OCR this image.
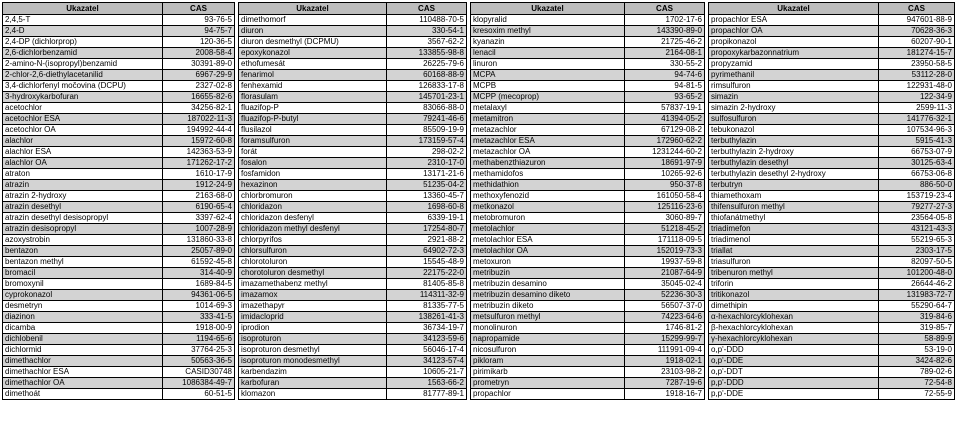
Ukazatel	CAS		Ukazatel	CAS		Ukazatel	CAS		Ukazatel	CAS
2,4,5-T	93-76-5		dimethomorf	110488-70-5		klopyralid	1702-17-6		propachlor ESA	947601-88-9
2,4-D	94-75-7		diuron	330-54-1		kresoxim methyl	143390-89-0		propachlor OA	70628-36-3
2,4-DP (dichlorprop)	120-36-5		diuron desmethyl (DCPMU)	3567-62-2		kyanazin	21725-46-2		propikonazol	60207-90-1
2,6-dichlorbenzamid	2008-58-4		epoxykonazol	133855-98-8		lenacil	2164-08-1		propoxykarbazonnatrium	181274-15-7
2-amino-N-(isopropyl)benzamid	30391-89-0		ethofumesát	26225-79-6		linuron	330-55-2		propyzamid	23950-58-5
2-chlor-2,6-diethylacetanilid	6967-29-9		fenarimol	60168-88-9		MCPA	94-74-6		pyrimethanil	53112-28-0
3,4-dichlorfenyl močovina (DCPU)	2327-02-8		fenhexamid	126833-17-8		MCPB	94-81-5		rimsulfuron	122931-48-0
3-hydroxykarbofuran	16655-82-6		florasulam	145701-23-1		MCPP (mecoprop)	93-65-2		simazin	122-34-9
acetochlor	34256-82-1		fluazifop-P	83066-88-0		metalaxyl	57837-19-1		simazin 2-hydroxy	2599-11-3
acetochlor ESA	187022-11-3		fluazifop-P-butyl	79241-46-6		metamitron	41394-05-2		sulfosulfuron	141776-32-1
acetochlor OA	194992-44-4		flusilazol	85509-19-9		metazachlor	67129-08-2		tebukonazol	107534-96-3
alachlor	15972-60-8		foramsulfuron	173159-57-4		metazachlor ESA	172960-62-2		terbuthylazin	5915-41-3
alachlor ESA	142363-53-9		forát	298-02-2		metazachlor OA	1231244-60-2		terbuthylazin 2-hydroxy	66753-07-9
alachlor OA	171262-17-2		fosalon	2310-17-0		methabenzthiazuron	18691-97-9		terbuthylazin desethyl	30125-63-4
atraton	1610-17-9		fosfamidon	13171-21-6		methamidofos	10265-92-6		terbuthylazin desethyl 2-hydroxy	66753-06-8
atrazin	1912-24-9		hexazinon	51235-04-2		methidathion	950-37-8		terbutryn	886-50-0
atrazin 2-hydroxy	2163-68-0		chlorbromuron	13360-45-7		methoxyfenozid	161050-58-4		thiamethoxam	153719-23-4
atrazin desethyl	6190-65-4		chloridazon	1698-60-8		metkonazol	125116-23-6		thifensulfuron methyl	79277-27-3
atrazin desethyl desisopropyl	3397-62-4		chloridazon desfenyl	6339-19-1		metobromuron	3060-89-7		thiofanátmethyl	23564-05-8
atrazin desisopropyl	1007-28-9		chloridazon methyl desfenyl	17254-80-7		metolachlor	51218-45-2		triadimefon	43121-43-3
azoxystrobin	131860-33-8		chlorpyrifos	2921-88-2		metolachlor ESA	171118-09-5		triadimenol	55219-65-3
bentazon	25057-89-0		chlorsulfuron	64902-72-3		metolachlor OA	152019-73-3		triallat	2303-17-5
bentazon methyl	61592-45-8		chlorotoluron	15545-48-9		metoxuron	19937-59-8		triasulfuron	82097-50-5
bromacil	314-40-9		chorotoluron desmethyl	22175-22-0		metribuzin	21087-64-9		tribenuron methyl	101200-48-0
bromoxynil	1689-84-5		imazamethabenz methyl	81405-85-8		metribuzin desamino	35045-02-4		triforin	26644-46-2
cyprokonazol	94361-06-5		imazamox	114311-32-9		metribuzin desamino diketo	52236-30-3		tritikonazol	131983-72-7
desmetryn	1014-69-3		imazethapyr	81335-77-5		metribuzin diketo	56507-37-0		dimethipin	55290-64-7
diazinon	333-41-5		imidacloprid	138261-41-3		metsulfuron methyl	74223-64-6		α-hexachlorcyklohexan	319-84-6
dicamba	1918-00-9		iprodion	36734-19-7		monolinuron	1746-81-2		β-hexachlorcyklohexan	319-85-7
dichlobenil	1194-65-6		isoproturon	34123-59-6		napropamide	15299-99-7		γ-hexachlorcyklohexan	58-89-9
dichlormid	37764-25-3		isoproturon desmethyl	56046-17-4		nicosulfuron	111991-09-4		o,p'-DDD	53-19-0
dimethachlor	50563-36-5		isoproturon monodesmethyl	34123-57-4		pikloram	1918-02-1		o,p'-DDE	3424-82-6
dimethachlor ESA	CASID30748		karbendazim	10605-21-7		pirimikarb	23103-98-2		o,p'-DDT	789-02-6
dimethachlor OA	1086384-49-7		karbofuran	1563-66-2		prometryn	7287-19-6		p,p'-DDD	72-54-8
dimethoát	60-51-5		klomazon	81777-89-1		propachlor	1918-16-7		p,p'-DDE	72-55-9
